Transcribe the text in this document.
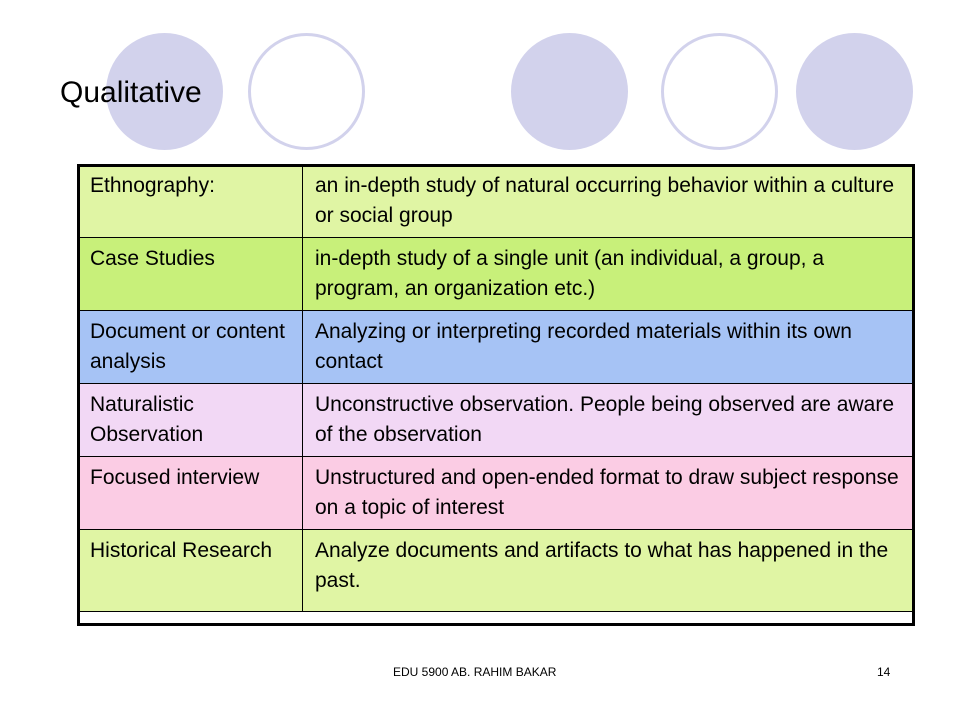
Qualitative
Ethnography:	an in-depth study of natural occurring behavior within a culture or social group
Case Studies	in-depth study of a single unit (an individual, a group, a program, an organization etc.)
Document or content analysis	Analyzing or interpreting recorded materials within its own contact
Naturalistic Observation	Unconstructive observation. People being observed are aware of the observation
Focused interview	Unstructured and open-ended format to draw subject response on a topic of interest
Historical Research	Analyze documents and artifacts to what has happened in the past.
EDU 5900 AB. RAHIM BAKAR	14
